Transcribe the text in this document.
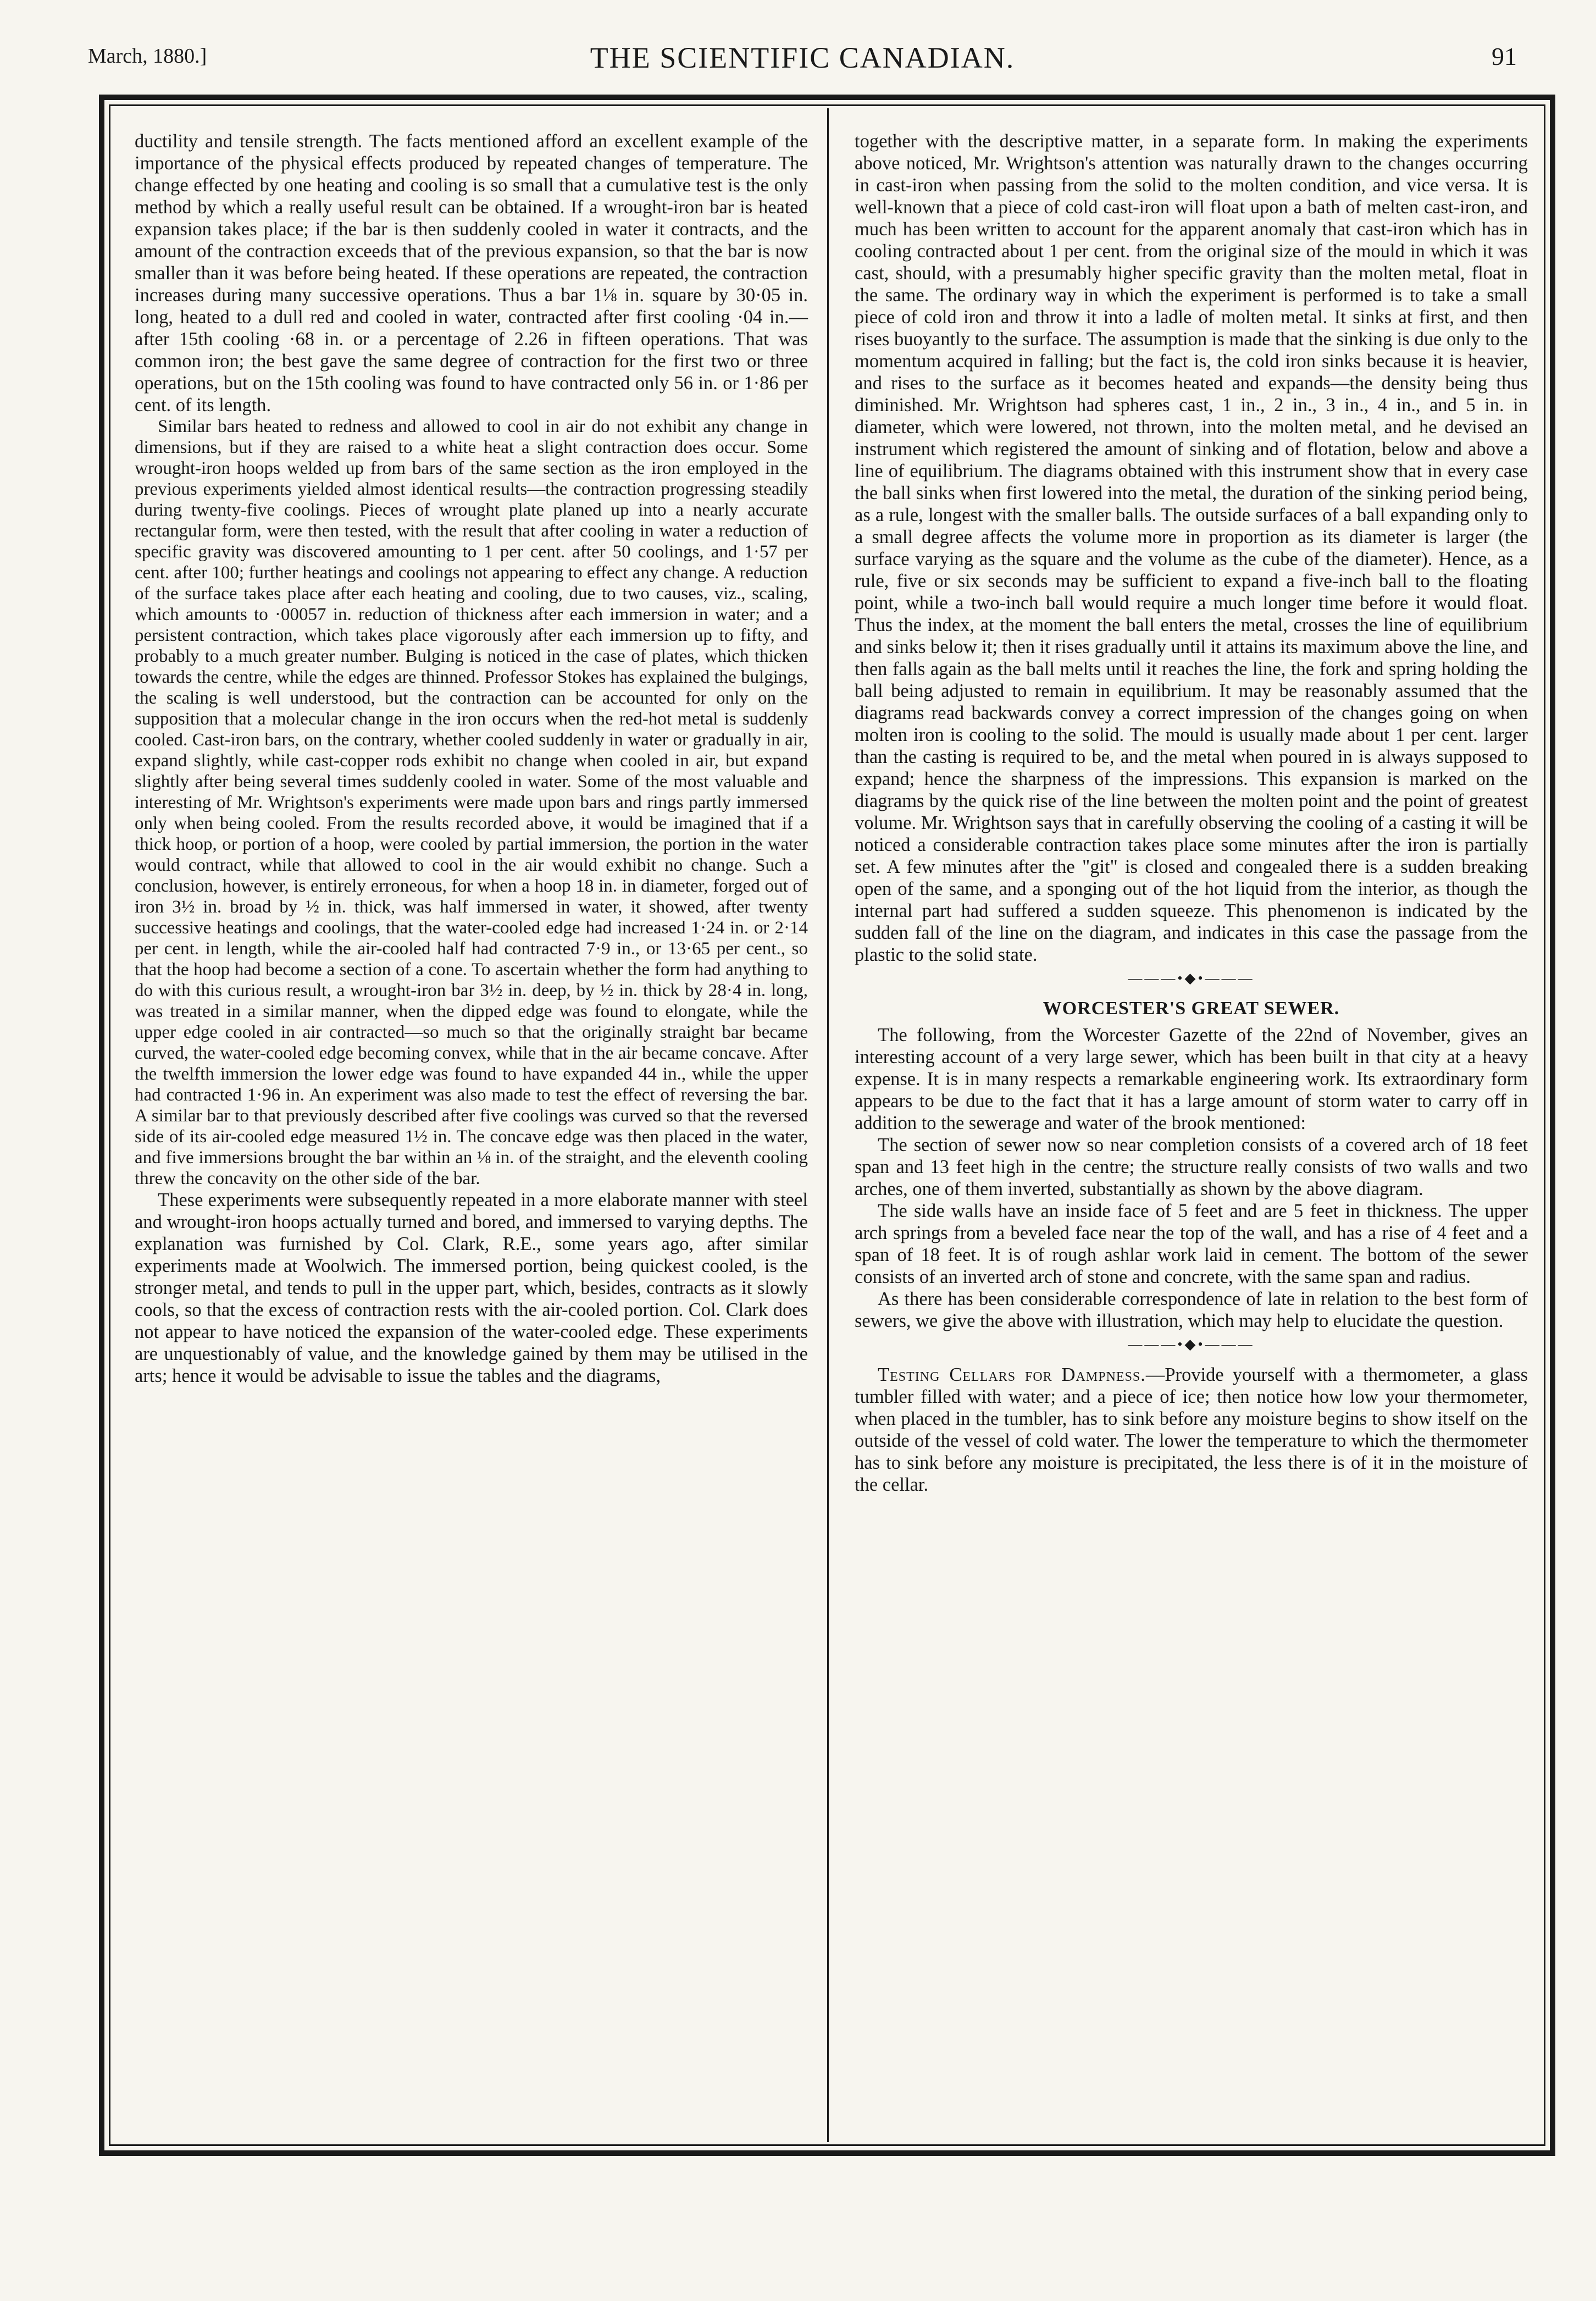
March, 1880.]	THE SCIENTIFIC CANADIAN.	91

ductility and tensile strength. The facts mentioned afford an excellent example of the importance of the physical effects produced by repeated changes of temperature. The change effected by one heating and cooling is so small that a cumulative test is the only method by which a really useful result can be obtained. If a wrought-iron bar is heated expansion takes place; if the bar is then suddenly cooled in water it contracts, and the amount of the contraction exceeds that of the previous expansion, so that the bar is now smaller than it was before being heated. If these operations are repeated, the contraction increases during many successive operations. Thus a bar 1⅛ in. square by 30·05 in. long, heated to a dull red and cooled in water, contracted after first cooling ·04 in.—after 15th cooling ·68 in. or a percentage of 2.26 in fifteen operations. That was common iron; the best gave the same degree of contraction for the first two or three operations, but on the 15th cooling was found to have contracted only 56 in. or 1·86 per cent. of its length.

Similar bars heated to redness and allowed to cool in air do not exhibit any change in dimensions, but if they are raised to a white heat a slight contraction does occur. Some wrought-iron hoops welded up from bars of the same section as the iron employed in the previous experiments yielded almost identical results—the contraction progressing steadily during twenty-five coolings. Pieces of wrought plate planed up into a nearly accurate rectangular form, were then tested, with the result that after cooling in water a reduction of specific gravity was discovered amounting to 1 per cent. after 50 coolings, and 1·57 per cent. after 100; further heatings and coolings not appearing to effect any change. A reduction of the surface takes place after each heating and cooling, due to two causes, viz., scaling, which amounts to ·00057 in. reduction of thickness after each immersion in water; and a persistent contraction, which takes place vigorously after each immersion up to fifty, and probably to a much greater number. Bulging is noticed in the case of plates, which thicken towards the centre, while the edges are thinned. Professor Stokes has explained the bulgings, the scaling is well understood, but the contraction can be accounted for only on the supposition that a molecular change in the iron occurs when the red-hot metal is suddenly cooled. Cast-iron bars, on the contrary, whether cooled suddenly in water or gradually in air, expand slightly, while cast-copper rods exhibit no change when cooled in air, but expand slightly after being several times suddenly cooled in water. Some of the most valuable and interesting of Mr. Wrightson's experiments were made upon bars and rings partly immersed only when being cooled. From the results recorded above, it would be imagined that if a thick hoop, or portion of a hoop, were cooled by partial immersion, the portion in the water would contract, while that allowed to cool in the air would exhibit no change. Such a conclusion, however, is entirely erroneous, for when a hoop 18 in. in diameter, forged out of iron 3½ in. broad by ½ in. thick, was half immersed in water, it showed, after twenty successive heatings and coolings, that the water-cooled edge had increased 1·24 in. or 2·14 per cent. in length, while the air-cooled half had contracted 7·9 in., or 13·65 per cent., so that the hoop had become a section of a cone. To ascertain whether the form had anything to do with this curious result, a wrought-iron bar 3½ in. deep, by ½ in. thick by 28·4 in. long, was treated in a similar manner, when the dipped edge was found to elongate, while the upper edge cooled in air contracted—so much so that the originally straight bar became curved, the water-cooled edge becoming convex, while that in the air became concave. After the twelfth immersion the lower edge was found to have expanded 44 in., while the upper had contracted 1·96 in. An experiment was also made to test the effect of reversing the bar. A similar bar to that previously described after five coolings was curved so that the reversed side of its air-cooled edge measured 1½ in. The concave edge was then placed in the water, and five immersions brought the bar within an ⅛ in. of the straight, and the eleventh cooling threw the concavity on the other side of the bar.

These experiments were subsequently repeated in a more elaborate manner with steel and wrought-iron hoops actually turned and bored, and immersed to varying depths. The explanation was furnished by Col. Clark, R.E., some years ago, after similar experiments made at Woolwich. The immersed portion, being quickest cooled, is the stronger metal, and tends to pull in the upper part, which, besides, contracts as it slowly cools, so that the excess of contraction rests with the air-cooled portion. Col. Clark does not appear to have noticed the expansion of the water-cooled edge. These experiments are unquestionably of value, and the knowledge gained by them may be utilised in the arts; hence it would be advisable to issue the tables and the diagrams,

together with the descriptive matter, in a separate form. In making the experiments above noticed, Mr. Wrightson's attention was naturally drawn to the changes occurring in cast-iron when passing from the solid to the molten condition, and vice versa. It is well-known that a piece of cold cast-iron will float upon a bath of melten cast-iron, and much has been written to account for the apparent anomaly that cast-iron which has in cooling contracted about 1 per cent. from the original size of the mould in which it was cast, should, with a presumably higher specific gravity than the molten metal, float in the same. The ordinary way in which the experiment is performed is to take a small piece of cold iron and throw it into a ladle of molten metal. It sinks at first, and then rises buoyantly to the surface. The assumption is made that the sinking is due only to the momentum acquired in falling; but the fact is, the cold iron sinks because it is heavier, and rises to the surface as it becomes heated and expands—the density being thus diminished. Mr. Wrightson had spheres cast, 1 in., 2 in., 3 in., 4 in., and 5 in. in diameter, which were lowered, not thrown, into the molten metal, and he devised an instrument which registered the amount of sinking and of flotation, below and above a line of equilibrium. The diagrams obtained with this instrument show that in every case the ball sinks when first lowered into the metal, the duration of the sinking period being, as a rule, longest with the smaller balls. The outside surfaces of a ball expanding only to a small degree affects the volume more in proportion as its diameter is larger (the surface varying as the square and the volume as the cube of the diameter). Hence, as a rule, five or six seconds may be sufficient to expand a five-inch ball to the floating point, while a two-inch ball would require a much longer time before it would float. Thus the index, at the moment the ball enters the metal, crosses the line of equilibrium and sinks below it; then it rises gradually until it attains its maximum above the line, and then falls again as the ball melts until it reaches the line, the fork and spring holding the ball being adjusted to remain in equilibrium. It may be reasonably assumed that the diagrams read backwards convey a correct impression of the changes going on when molten iron is cooling to the solid. The mould is usually made about 1 per cent. larger than the casting is required to be, and the metal when poured in is always supposed to expand; hence the sharpness of the impressions. This expansion is marked on the diagrams by the quick rise of the line between the molten point and the point of greatest volume. Mr. Wrightson says that in carefully observing the cooling of a casting it will be noticed a considerable contraction takes place some minutes after the iron is partially set. A few minutes after the "git" is closed and congealed there is a sudden breaking open of the same, and a sponging out of the hot liquid from the interior, as though the internal part had suffered a sudden squeeze. This phenomenon is indicated by the sudden fall of the line on the diagram, and indicates in this case the passage from the plastic to the solid state.

———•◆•———
WORCESTER'S GREAT SEWER.

The following, from the Worcester Gazette of the 22nd of November, gives an interesting account of a very large sewer, which has been built in that city at a heavy expense. It is in many respects a remarkable engineering work. Its extraordinary form appears to be due to the fact that it has a large amount of storm water to carry off in addition to the sewerage and water of the brook mentioned:

The section of sewer now so near completion consists of a covered arch of 18 feet span and 13 feet high in the centre; the structure really consists of two walls and two arches, one of them inverted, substantially as shown by the above diagram.

The side walls have an inside face of 5 feet and are 5 feet in thickness. The upper arch springs from a beveled face near the top of the wall, and has a rise of 4 feet and a span of 18 feet. It is of rough ashlar work laid in cement. The bottom of the sewer consists of an inverted arch of stone and concrete, with the same span and radius.

As there has been considerable correspondence of late in relation to the best form of sewers, we give the above with illustration, which may help to elucidate the question.

———•◆•———

Testing Cellars for Dampness.—Provide yourself with a thermometer, a glass tumbler filled with water; and a piece of ice; then notice how low your thermometer, when placed in the tumbler, has to sink before any moisture begins to show itself on the outside of the vessel of cold water. The lower the temperature to which the thermometer has to sink before any moisture is precipitated, the less there is of it in the moisture of the cellar.
